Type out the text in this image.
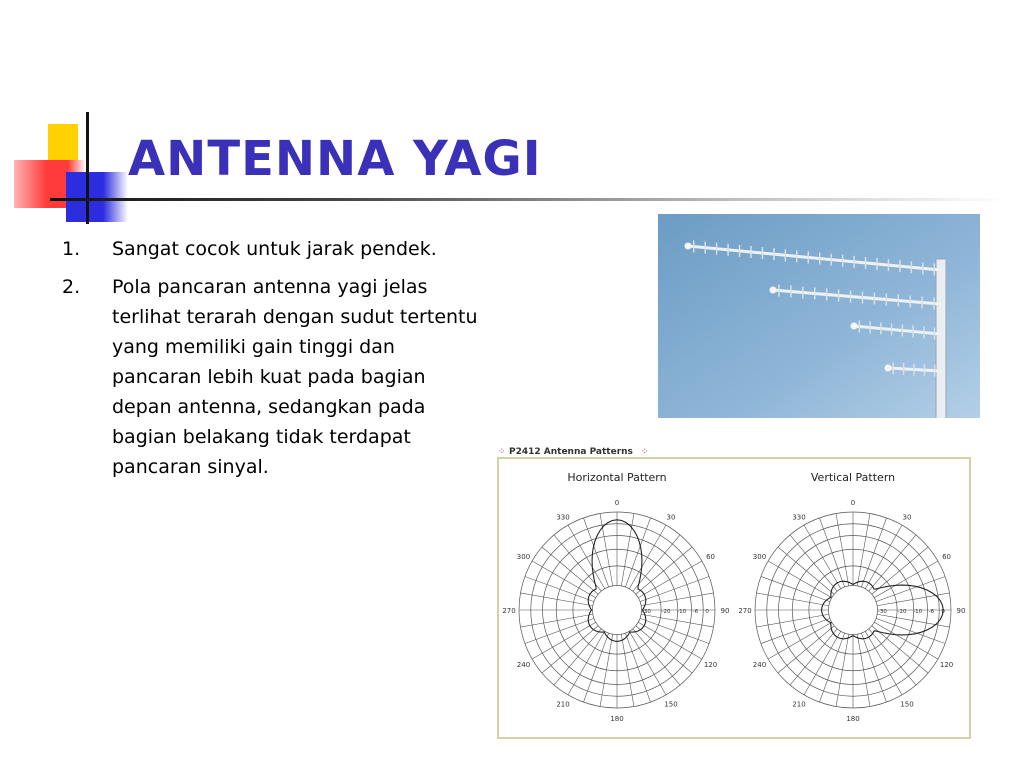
ANTENNA YAGI
1. Sangat cocok untuk jarak pendek.
2. Pola pancaran antenna yagi jelas terlihat terarah dengan sudut tertentu yang memiliki gain tinggi dan pancaran lebih kuat pada bagian depan antenna, sedangkan pada bagian belakang tidak terdapat pancaran sinyal.
⁘ P2412 Antenna Patterns ⁘
Horizontal Pattern	Vertical Pattern
0
30
60
90
120
150
180
210
240
270
300
330
-30 -20 -10 -6 0
0
30
60
90
120
150
180
210
240
270
300
330
-30 -20 -10 -6 0
